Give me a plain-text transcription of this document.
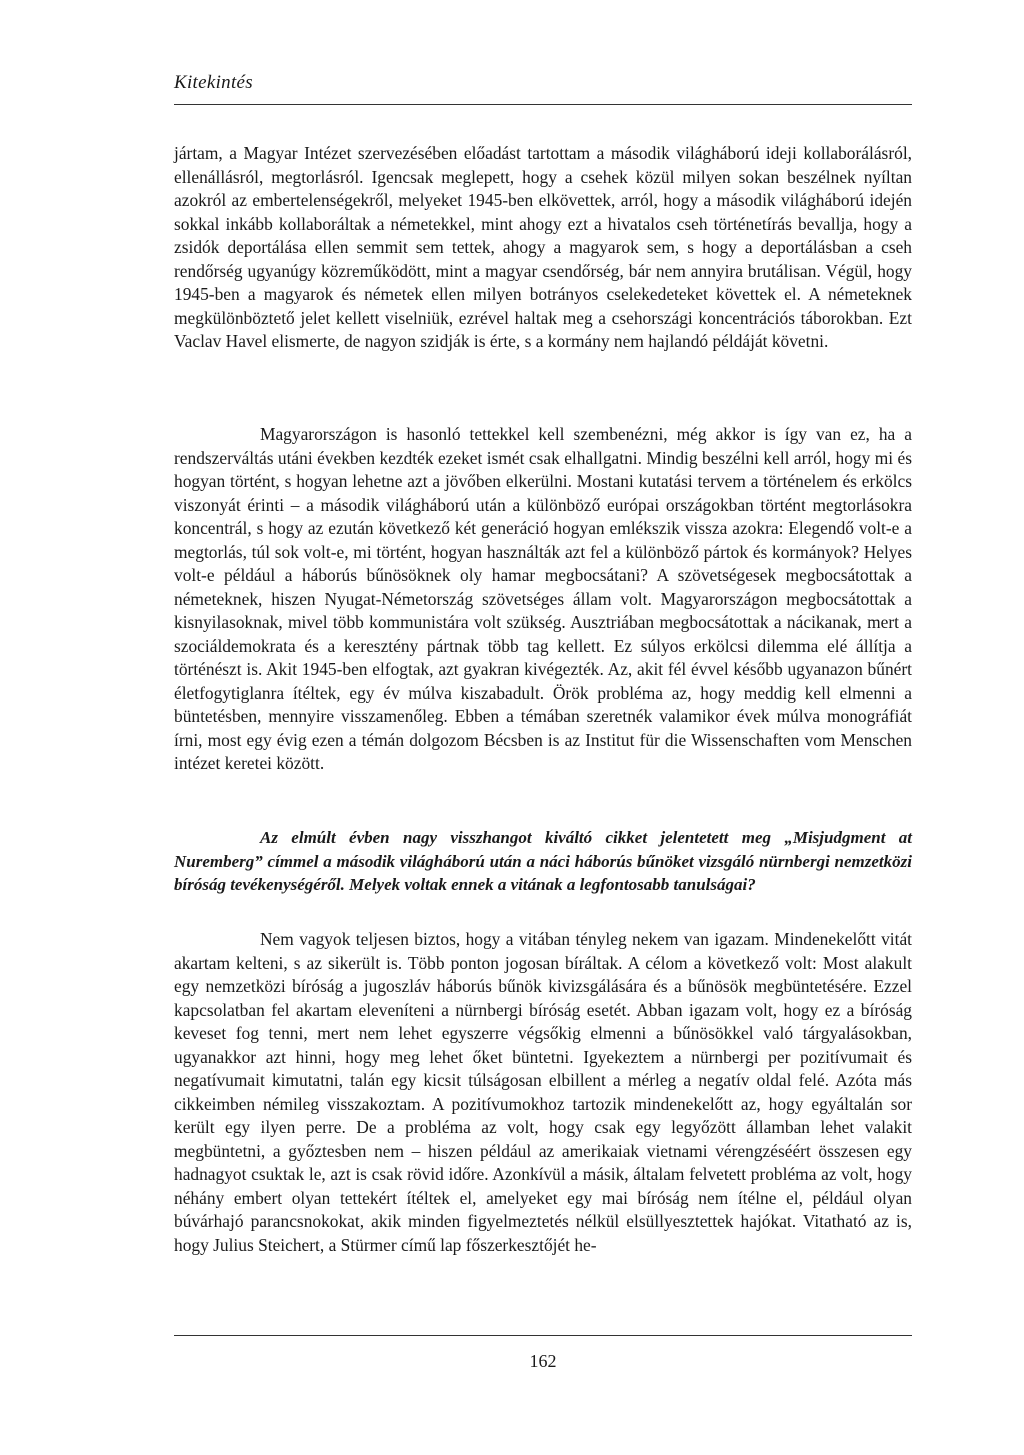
Kitekintés

jártam, a Magyar Intézet szervezésében előadást tartottam a második világháború ideji kollaborálásról, ellenállásról, megtorlásról. Igencsak meglepett, hogy a csehek közül milyen sokan beszélnek nyíltan azokról az embertelenségekről, melyeket 1945-ben elkövettek, arról, hogy a második világháború idején sokkal inkább kollaboráltak a németekkel, mint ahogy ezt a hivatalos cseh történetírás bevallja, hogy a zsidók deportálása ellen semmit sem tettek, ahogy a magyarok sem, s hogy a deportálásban a cseh rendőrség ugyanúgy közreműködött, mint a magyar csendőrség, bár nem annyira brutálisan. Végül, hogy 1945-ben a magyarok és németek ellen milyen botrányos cselekedeteket követtek el. A németeknek megkülönböztető jelet kellett viselniük, ezrével haltak meg a csehországi koncentrációs táborokban. Ezt Vaclav Havel elismerte, de nagyon szidják is érte, s a kormány nem hajlandó példáját követni.

Magyarországon is hasonló tettekkel kell szembenézni, még akkor is így van ez, ha a rendszerváltás utáni években kezdték ezeket ismét csak elhallgatni. Mindig beszélni kell arról, hogy mi és hogyan történt, s hogyan lehetne azt a jövőben elkerülni. Mostani kutatási tervem a történelem és erkölcs viszonyát érinti – a második világháború után a különböző európai országokban történt megtorlásokra koncentrál, s hogy az ezután következő két generáció hogyan emlékszik vissza azokra: Elegendő volt-e a megtorlás, túl sok volt-e, mi történt, hogyan használták azt fel a különböző pártok és kormányok? Helyes volt-e például a háborús bűnösöknek oly hamar megbocsátani? A szövetségesek megbocsátottak a németeknek, hiszen Nyugat-Németország szövetséges állam volt. Magyarországon megbocsátottak a kisnyilasoknak, mivel több kommunistára volt szükség. Ausztriában megbocsátottak a nácikanak, mert a szociáldemokrata és a keresztény pártnak több tag kellett. Ez súlyos erkölcsi dilemma elé állítja a történészt is. Akit 1945-ben elfogtak, azt gyakran kivégezték. Az, akit fél évvel később ugyanazon bűnért életfogytiglanra ítéltek, egy év múlva kiszabadult. Örök probléma az, hogy meddig kell elmenni a büntetésben, mennyire visszamenőleg. Ebben a témában szeretnék valamikor évek múlva monográfiát írni, most egy évig ezen a témán dolgozom Bécsben is az Institut für die Wissenschaften vom Menschen intézet keretei között.

Az elmúlt évben nagy visszhangot kiváltó cikket jelentetett meg „Misjudgment at Nuremberg” címmel a második világháború után a náci háborús bűnöket vizsgáló nürnbergi nemzetközi bíróság tevékenységéről. Melyek voltak ennek a vitának a legfontosabb tanulságai?

Nem vagyok teljesen biztos, hogy a vitában tényleg nekem van igazam. Mindenekelőtt vitát akartam kelteni, s az sikerült is. Több ponton jogosan bíráltak. A célom a következő volt: Most alakult egy nemzetközi bíróság a jugoszláv háborús bűnök kivizsgálására és a bűnösök megbüntetésére. Ezzel kapcsolatban fel akartam eleveníteni a nürnbergi bíróság esetét. Abban igazam volt, hogy ez a bíróság keveset fog tenni, mert nem lehet egyszerre végsőkig elmenni a bűnösökkel való tárgyalásokban, ugyanakkor azt hinni, hogy meg lehet őket büntetni. Igyekeztem a nürnbergi per pozitívumait és negatívumait kimutatni, talán egy kicsit túlságosan elbillent a mérleg a negatív oldal felé. Azóta más cikkeimben némileg visszakoztam. A pozitívumokhoz tartozik mindenekelőtt az, hogy egyáltalán sor került egy ilyen perre. De a probléma az volt, hogy csak egy legyőzött államban lehet valakit megbüntetni, a győztesben nem – hiszen például az amerikaiak vietnami vérengzéséért összesen egy hadnagyot csuktak le, azt is csak rövid időre. Azonkívül a másik, általam felvetett probléma az volt, hogy néhány embert olyan tettekért ítéltek el, amelyeket egy mai bíróság nem ítélne el, például olyan búvárhajó parancsnokokat, akik minden figyelmeztetés nélkül elsüllyesztettek hajókat. Vitatható az is, hogy Julius Steichert, a Stürmer című lap főszerkesztőjét he-

162
